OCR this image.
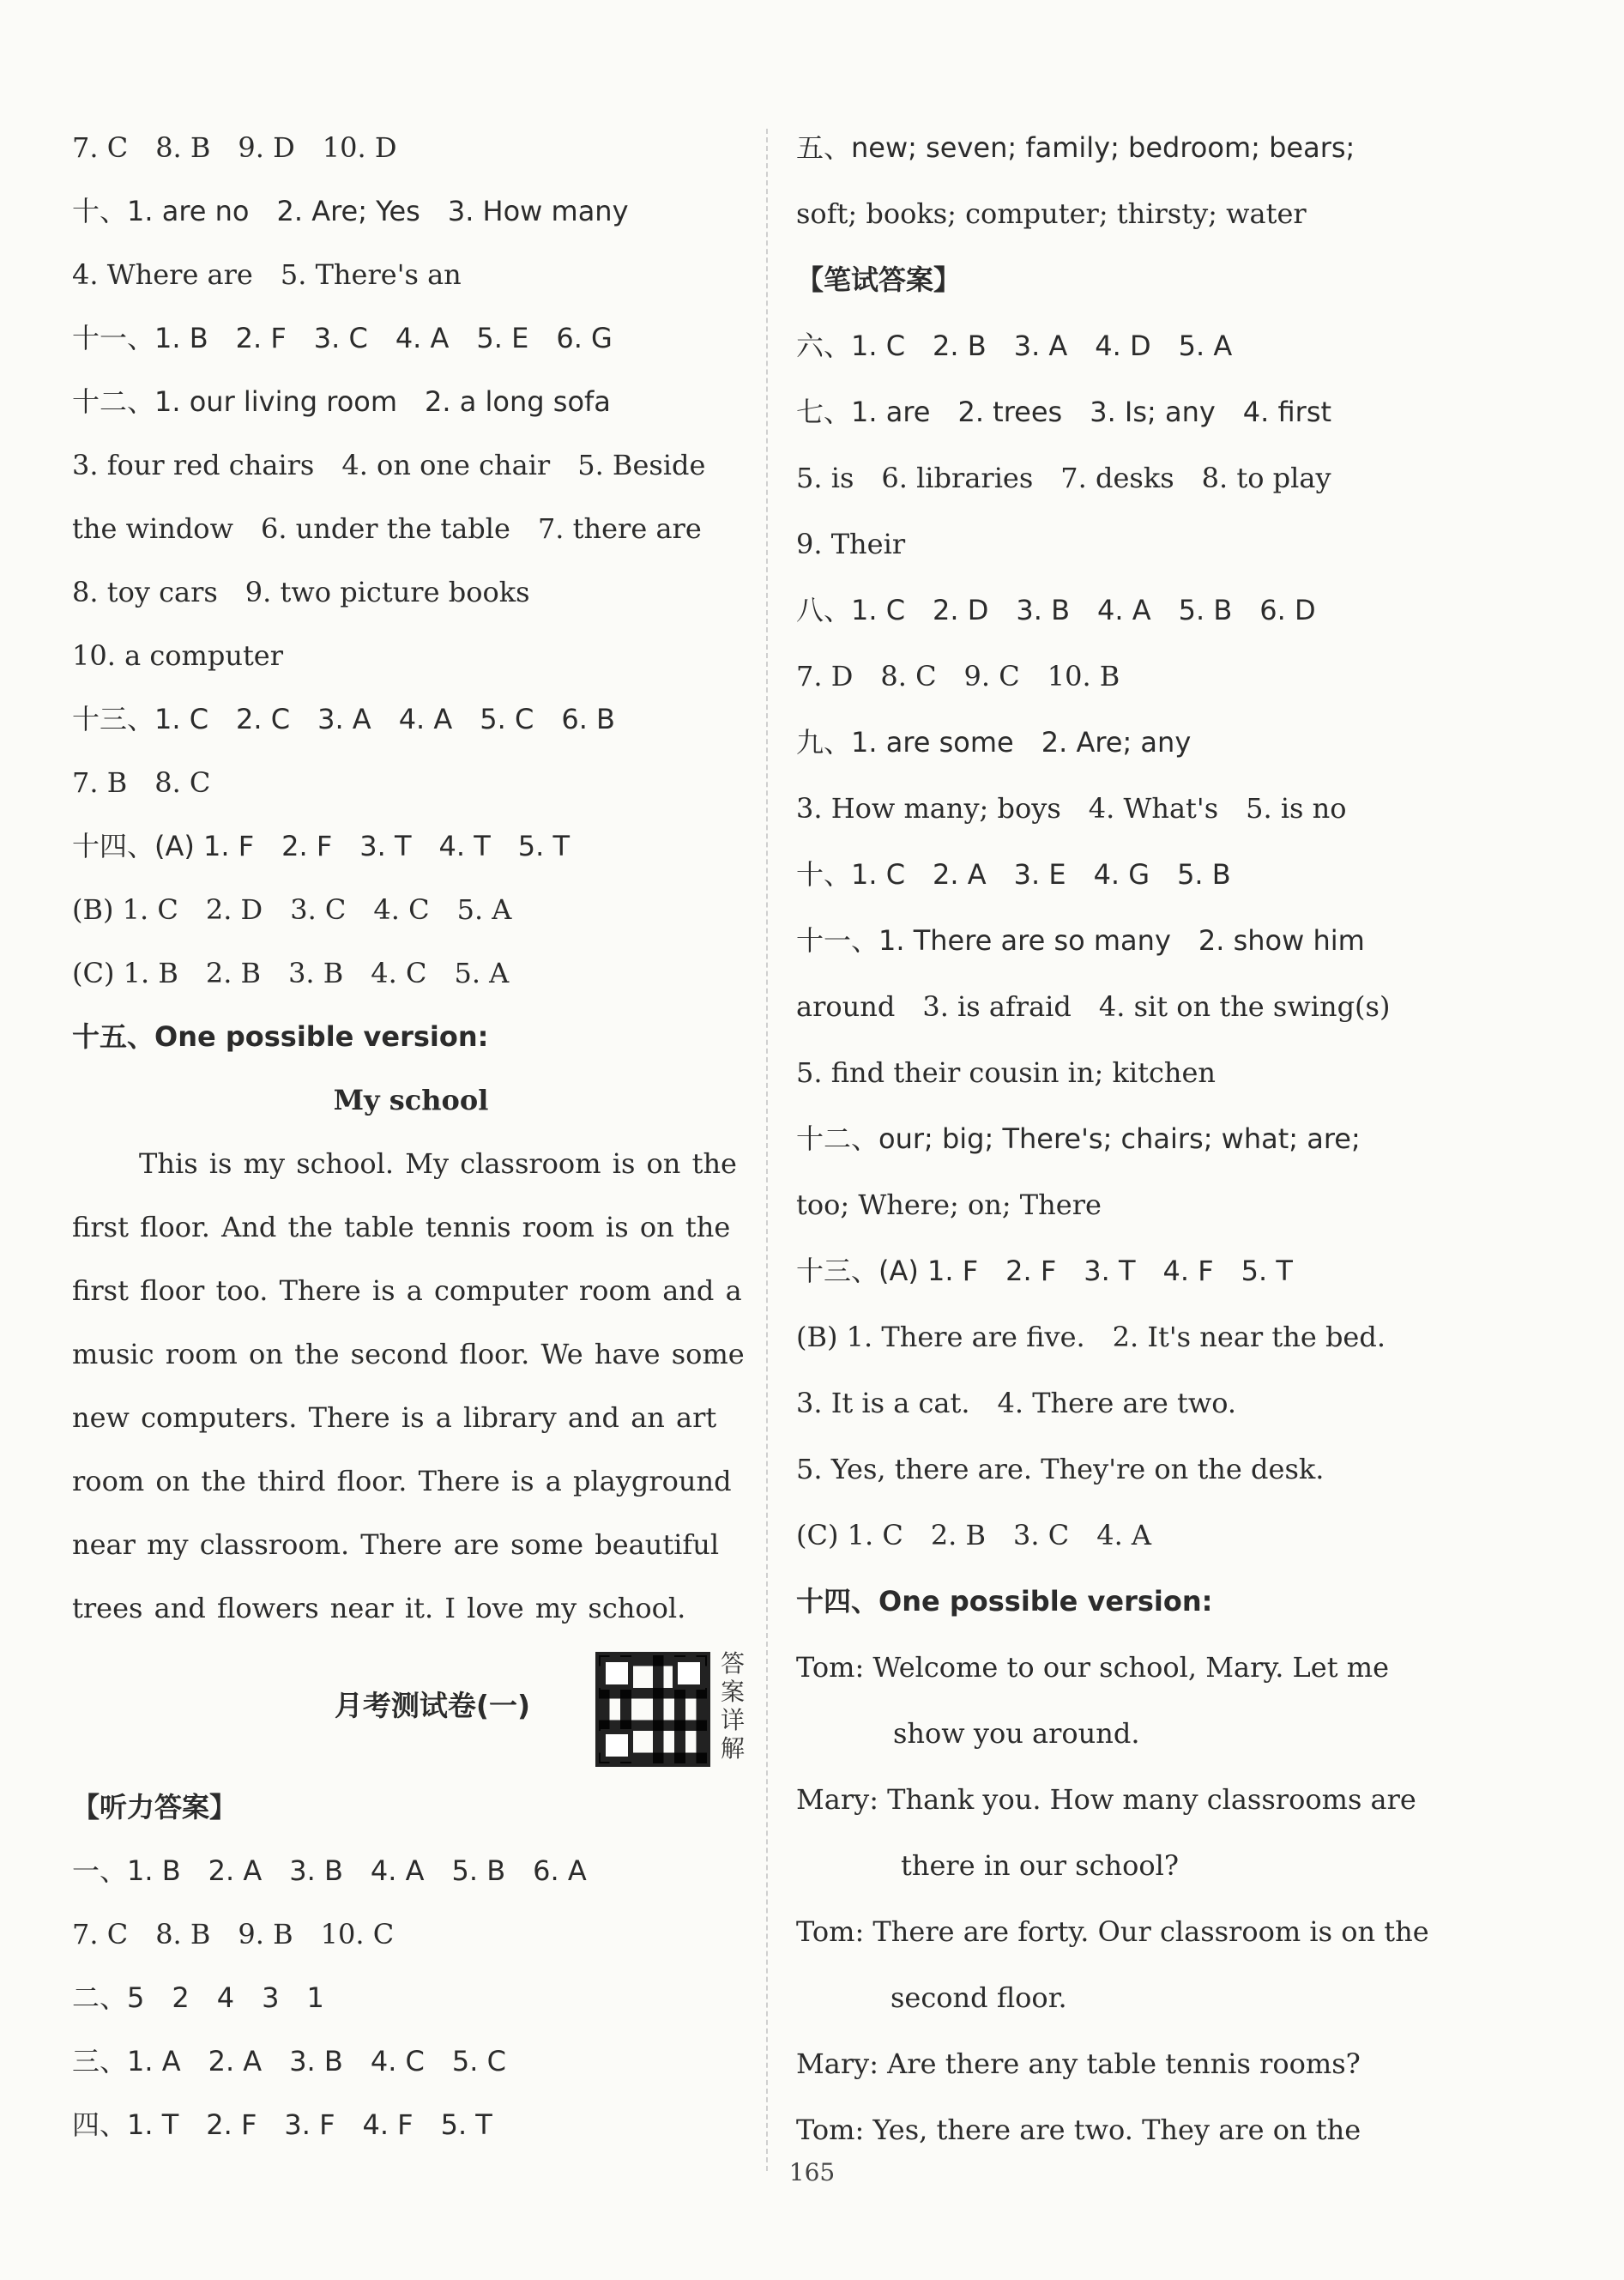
7. C　8. B　9. D　10. D
十、1. are no　2. Are; Yes　3. How many
4. Where are　5. There's an
十一、1. B　2. F　3. C　4. A　5. E　6. G
十二、1. our living room　2. a long sofa
3. four red chairs　4. on one chair　5. Beside
the window　6. under the table　7. there are
8. toy cars　9. two picture books
10. a computer
十三、1. C　2. C　3. A　4. A　5. C　6. B
7. B　8. C
十四、(A) 1. F　2. F　3. T　4. T　5. T
(B) 1. C　2. D　3. C　4. C　5. A
(C) 1. B　2. B　3. B　4. C　5. A
十五、One possible version:
My school
This is my school. My classroom is on the
first floor. And the table tennis room is on the
first floor too. There is a computer room and a
music room on the second floor. We have some
new computers. There is a library and an art
room on the third floor. There is a playground
near my classroom. There are some beautiful
trees and flowers near it. I love my school.
月考测试卷(一)
答案详解
【听力答案】
一、1. B　2. A　3. B　4. A　5. B　6. A
7. C　8. B　9. B　10. C
二、5　2　4　3　1
三、1. A　2. A　3. B　4. C　5. C
四、1. T　2. F　3. F　4. F　5. T
五、new; seven; family; bedroom; bears;
soft; books; computer; thirsty; water
【笔试答案】
六、1. C　2. B　3. A　4. D　5. A
七、1. are　2. trees　3. Is; any　4. first
5. is　6. libraries　7. desks　8. to play
9. Their
八、1. C　2. D　3. B　4. A　5. B　6. D
7. D　8. C　9. C　10. B
九、1. are some　2. Are; any
3. How many; boys　4. What's　5. is no
十、1. C　2. A　3. E　4. G　5. B
十一、1. There are so many　2. show him
around　3. is afraid　4. sit on the swing(s)
5. find their cousin in; kitchen
十二、our; big; There's; chairs; what; are;
too; Where; on; There
十三、(A) 1. F　2. F　3. T　4. F　5. T
(B) 1. There are five.　2. It's near the bed.
3. It is a cat.　4. There are two.
5. Yes, there are. They're on the desk.
(C) 1. C　2. B　3. C　4. A
十四、One possible version:
Tom: Welcome to our school, Mary. Let me
show you around.
Mary: Thank you. How many classrooms are
there in our school?
Tom: There are forty. Our classroom is on the
second floor.
Mary: Are there any table tennis rooms?
Tom: Yes, there are two. They are on the
165
